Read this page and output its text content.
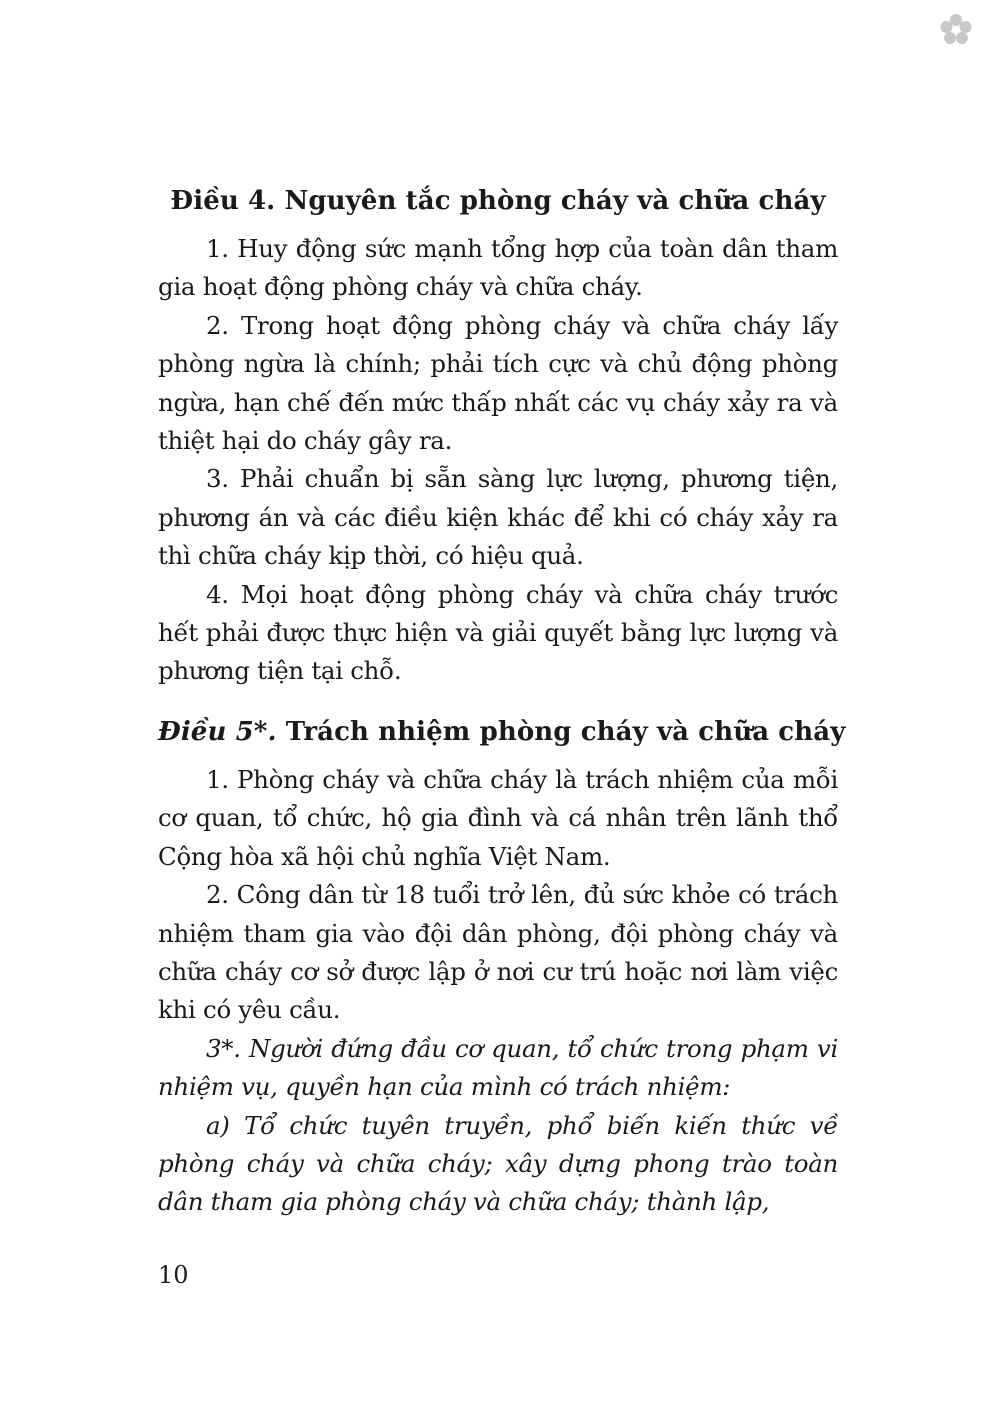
Điều 4. Nguyên tắc phòng cháy và chữa cháy

1. Huy động sức mạnh tổng hợp của toàn dân tham gia hoạt động phòng cháy và chữa cháy.

2. Trong hoạt động phòng cháy và chữa cháy lấy phòng ngừa là chính; phải tích cực và chủ động phòng ngừa, hạn chế đến mức thấp nhất các vụ cháy xảy ra và thiệt hại do cháy gây ra.

3. Phải chuẩn bị sẵn sàng lực lượng, phương tiện, phương án và các điều kiện khác để khi có cháy xảy ra thì chữa cháy kịp thời, có hiệu quả.

4. Mọi hoạt động phòng cháy và chữa cháy trước hết phải được thực hiện và giải quyết bằng lực lượng và phương tiện tại chỗ.

Điều 5*. Trách nhiệm phòng cháy và chữa cháy

1. Phòng cháy và chữa cháy là trách nhiệm của mỗi cơ quan, tổ chức, hộ gia đình và cá nhân trên lãnh thổ Cộng hòa xã hội chủ nghĩa Việt Nam.

2. Công dân từ 18 tuổi trở lên, đủ sức khỏe có trách nhiệm tham gia vào đội dân phòng, đội phòng cháy và chữa cháy cơ sở được lập ở nơi cư trú hoặc nơi làm việc khi có yêu cầu.

3*. Người đứng đầu cơ quan, tổ chức trong phạm vi nhiệm vụ, quyền hạn của mình có trách nhiệm:

a) Tổ chức tuyên truyền, phổ biến kiến thức về phòng cháy và chữa cháy; xây dựng phong trào toàn dân tham gia phòng cháy và chữa cháy; thành lập,

10
